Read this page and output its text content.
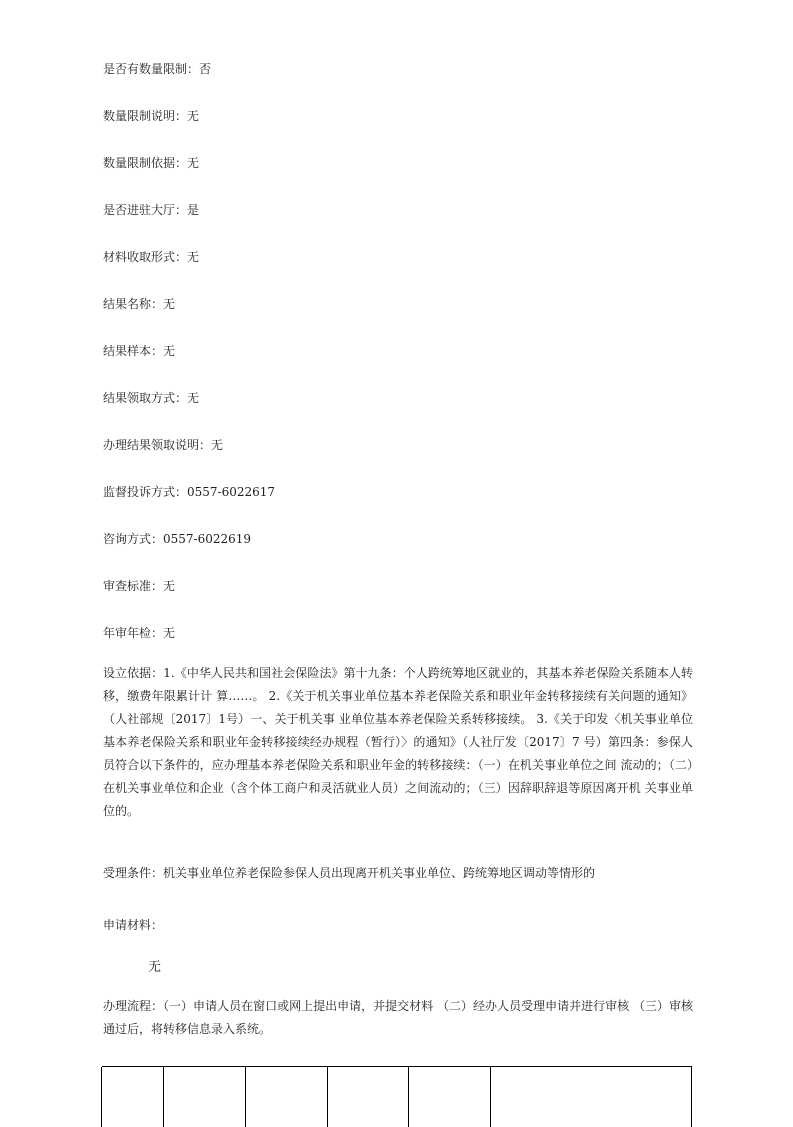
是否有数量限制：否
数量限制说明：无
数量限制依据：无
是否进驻大厅：是
材料收取形式：无
结果名称：无
结果样本：无
结果领取方式：无
办理结果领取说明：无
监督投诉方式：0557-6022617
咨询方式：0557-6022619
审查标准：无
年审年检：无
设立依据：1.《中华人民共和国社会保险法》第十九条：个人跨统筹地区就业的，其基本养老保险关系随本人转移，缴费年限累计计 算……。 2.《关于机关事业单位基本养老保险关系和职业年金转移接续有关问题的通知》（人社部规〔2017〕1号）一、关于机关事 业单位基本养老保险关系转移接续。 3.《关于印发〈机关事业单位基本养老保险关系和职业年金转移接续经办规程（暂行）〉的通知》（人社厅发〔2017〕7 号）第四条：参保人员符合以下条件的，应办理基本养老保险关系和职业年金的转移接续：（一）在机关事业单位之间 流动的；（二）在机关事业单位和企业（含个体工商户和灵活就业人员）之间流动的；（三）因辞职辞退等原因离开机 关事业单位的。
受理条件：机关事业单位养老保险参保人员出现离开机关事业单位、跨统筹地区调动等情形的
申请材料：
无
办理流程：（一）申请人员在窗口或网上提出申请，并提交材料 （二）经办人员受理申请并进行审核 （三）审核通过后，将转移信息录入系统。
